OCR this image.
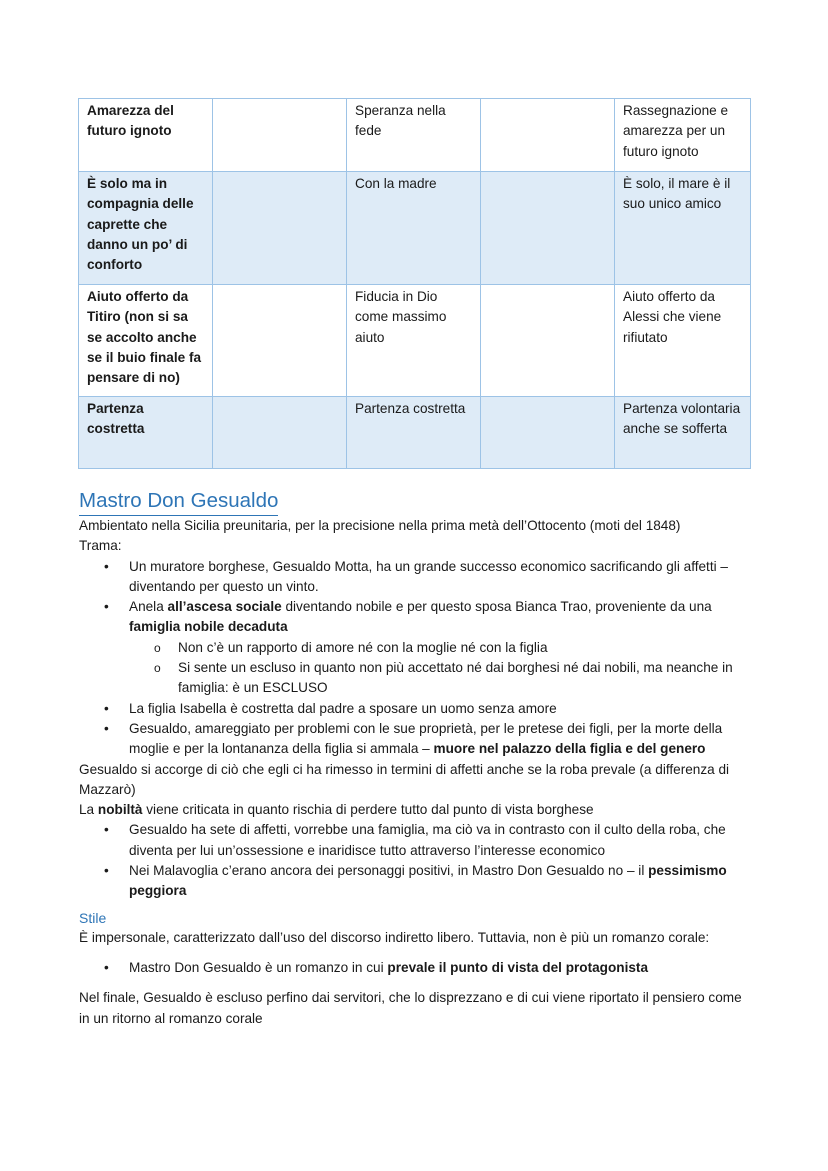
Amarezza del futuro ignoto		Speranza nella fede		Rassegnazione e amarezza per un futuro ignoto
È solo ma in compagnia delle caprette che danno un po’ di conforto		Con la madre		È solo, il mare è il suo unico amico
Aiuto offerto da Titiro (non si sa se accolto anche se il buio finale fa pensare di no)		Fiducia in Dio come massimo aiuto		Aiuto offerto da Alessi che viene rifiutato
Partenza costretta		Partenza costretta		Partenza volontaria anche se sofferta
Mastro Don Gesualdo

Ambientato nella Sicilia preunitaria, per la precisione nella prima metà dell’Ottocento (moti del 1848)

Trama:

• Un muratore borghese, Gesualdo Motta, ha un grande successo economico sacrificando gli affetti – diventando per questo un vinto.
• Anela all’ascesa sociale diventando nobile e per questo sposa Bianca Trao, proveniente da una famiglia nobile decaduta
o Non c’è un rapporto di amore né con la moglie né con la figlia
o Si sente un escluso in quanto non più accettato né dai borghesi né dai nobili, ma neanche in famiglia: è un ESCLUSO
• La figlia Isabella è costretta dal padre a sposare un uomo senza amore
• Gesualdo, amareggiato per problemi con le sue proprietà, per le pretese dei figli, per la morte della moglie e per la lontananza della figlia si ammala – muore nel palazzo della figlia e del genero

Gesualdo si accorge di ciò che egli ci ha rimesso in termini di affetti anche se la roba prevale (a differenza di Mazzarò)

La nobiltà viene criticata in quanto rischia di perdere tutto dal punto di vista borghese

• Gesualdo ha sete di affetti, vorrebbe una famiglia, ma ciò va in contrasto con il culto della roba, che diventa per lui un’ossessione e inaridisce tutto attraverso l’interesse economico
• Nei Malavoglia c’erano ancora dei personaggi positivi, in Mastro Don Gesualdo no – il pessimismo peggiora
Stile

È impersonale, caratterizzato dall’uso del discorso indiretto libero. Tuttavia, non è più un romanzo corale:

• Mastro Don Gesualdo è un romanzo in cui prevale il punto di vista del protagonista

Nel finale, Gesualdo è escluso perfino dai servitori, che lo disprezzano e di cui viene riportato il pensiero come in un ritorno al romanzo corale
